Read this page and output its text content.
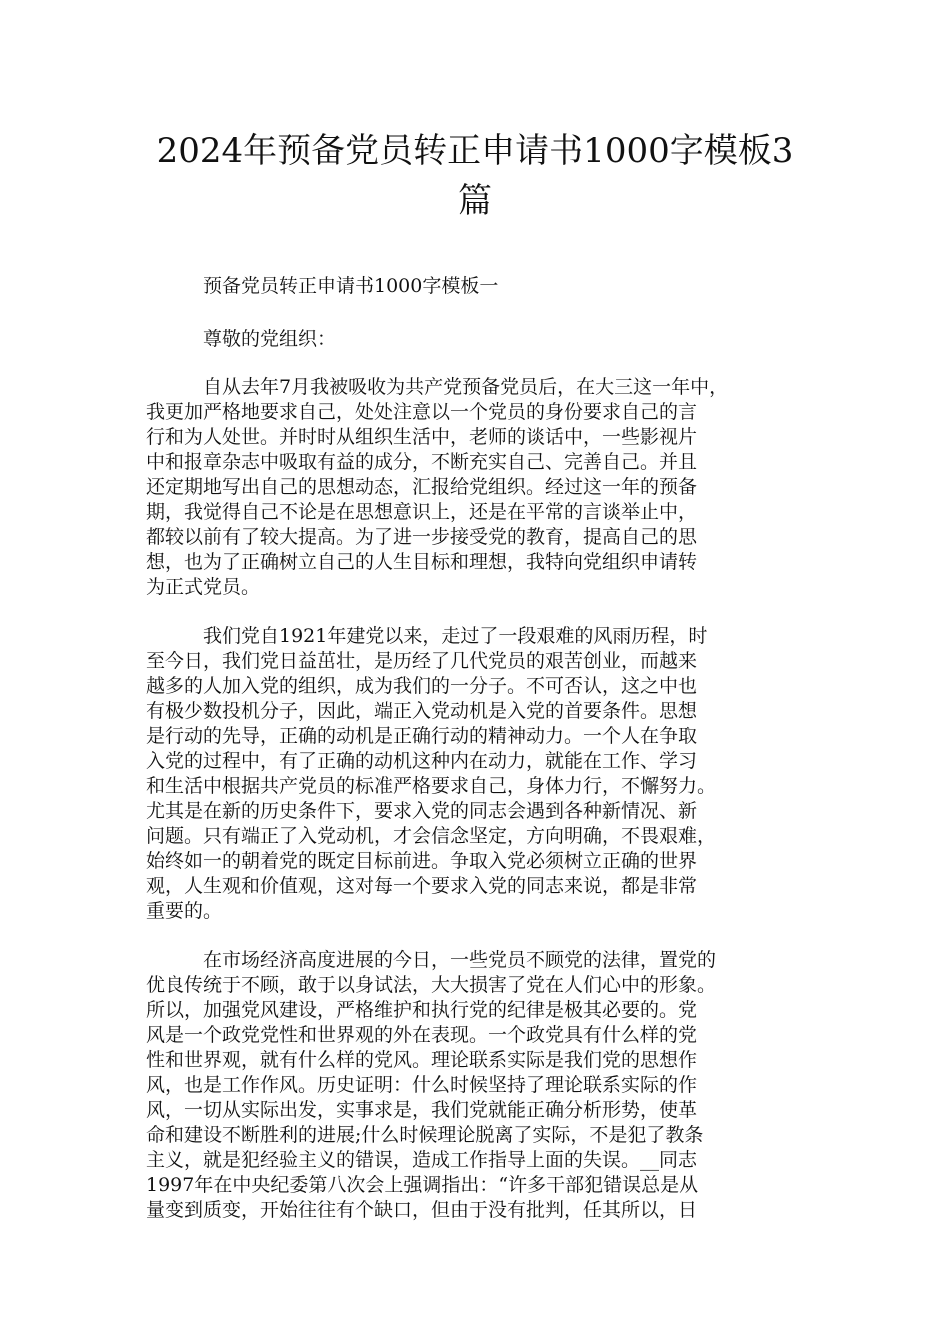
2024年预备党员转正申请书1000字模板3
篇
预备党员转正申请书1000字模板一
尊敬的党组织：
自从去年7月我被吸收为共产党预备党员后，在大三这一年中，
我更加严格地要求自己，处处注意以一个党员的身份要求自己的言
行和为人处世。并时时从组织生活中，老师的谈话中，一些影视片
中和报章杂志中吸取有益的成分，不断充实自己、完善自己。并且
还定期地写出自己的思想动态，汇报给党组织。经过这一年的预备
期，我觉得自己不论是在思想意识上，还是在平常的言谈举止中，
都较以前有了较大提高。为了进一步接受党的教育，提高自己的思
想，也为了正确树立自己的人生目标和理想，我特向党组织申请转
为正式党员。
我们党自1921年建党以来，走过了一段艰难的风雨历程，时
至今日，我们党日益茁壮，是历经了几代党员的艰苦创业，而越来
越多的人加入党的组织，成为我们的一分子。不可否认，这之中也
有极少数投机分子，因此，端正入党动机是入党的首要条件。思想
是行动的先导，正确的动机是正确行动的精神动力。一个人在争取
入党的过程中，有了正确的动机这种内在动力，就能在工作、学习
和生活中根据共产党员的标准严格要求自己，身体力行，不懈努力。
尤其是在新的历史条件下，要求入党的同志会遇到各种新情况、新
问题。只有端正了入党动机，才会信念坚定，方向明确，不畏艰难，
始终如一的朝着党的既定目标前进。争取入党必须树立正确的世界
观，人生观和价值观，这对每一个要求入党的同志来说，都是非常
重要的。
在市场经济高度进展的今日，一些党员不顾党的法律，置党的
优良传统于不顾，敢于以身试法，大大损害了党在人们心中的形象。
所以，加强党风建设，严格维护和执行党的纪律是极其必要的。党
风是一个政党党性和世界观的外在表现。一个政党具有什么样的党
性和世界观，就有什么样的党风。理论联系实际是我们党的思想作
风，也是工作作风。历史证明：什么时候坚持了理论联系实际的作
风，一切从实际出发，实事求是，我们党就能正确分析形势，使革
命和建设不断胜利的进展;什么时候理论脱离了实际，不是犯了教条
主义，就是犯经验主义的错误，造成工作指导上面的失误。__同志
1997年在中央纪委第八次会上强调指出：“许多干部犯错误总是从
量变到质变，开始往往有个缺口，但由于没有批判，任其所以，日
